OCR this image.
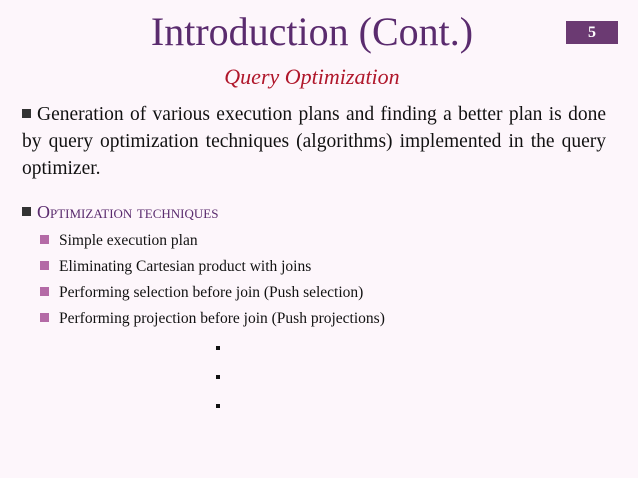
Introduction (Cont.)
Query Optimization
5
Generation of various execution plans and finding a better plan is done by query optimization techniques (algorithms) implemented in the query optimizer.
Optimization techniques
Simple execution plan
Eliminating Cartesian product with joins
Performing selection before join (Push selection)
Performing projection before join (Push projections)
